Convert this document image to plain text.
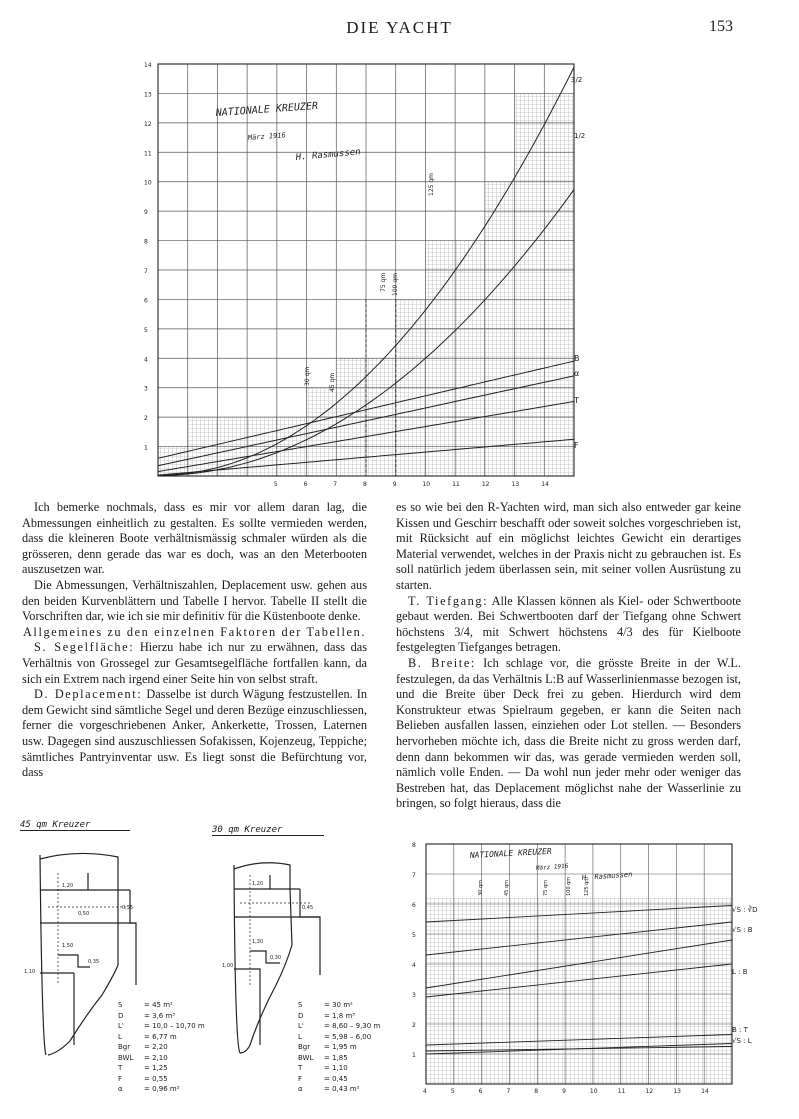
DIE YACHT	153
14
13
12
11
10
9
8
7
6
5
4
3
2
1
5	6	7	8	9	10	11	12	13	14
NATIONALE KREUZER
März 1916
H. Rasmussen
30 qm	45 qm
75 qm 100 qm
125 qm
3/2
1/2
B
α
T
F

Ich bemerke nochmals, dass es mir vor allem daran lag, die Abmessungen einheitlich zu gestalten. Es sollte vermieden werden, dass die kleineren Boote verhältnismässig schmaler würden als die grösseren, denn gerade das war es doch, was an den Meterbooten auszusetzen war.

Die Abmessungen, Verhältniszahlen, Deplacement usw. gehen aus den beiden Kurvenblättern und Tabelle I hervor. Tabelle II stellt die Vorschriften dar, wie ich sie mir definitiv für die Küstenboote denke.

Allgemeines zu den einzelnen Faktoren der Tabellen.

S. Segelfläche: Hierzu habe ich nur zu erwähnen, dass das Verhältnis von Grossegel zur Gesamtsegelfläche fortfallen kann, da sich ein Extrem nach irgend einer Seite hin von selbst straft.

D. Deplacement: Dasselbe ist durch Wägung festzustellen. In dem Gewicht sind sämtliche Segel und deren Bezüge einzuschliessen, ferner die vorgeschriebenen Anker, Ankerkette, Trossen, Laternen usw. Dagegen sind auszuschliessen Sofakissen, Kojenzeug, Teppiche; sämtliches Pantryinventar usw. Es liegt sonst die Befürchtung vor, dass

es so wie bei den R-Yachten wird, man sich also entweder gar keine Kissen und Geschirr beschafft oder soweit solches vorgeschrieben ist, mit Rücksicht auf ein möglichst leichtes Gewicht ein derartiges Material verwendet, welches in der Praxis nicht zu gebrauchen ist. Es soll natürlich jedem überlassen sein, mit seiner vollen Ausrüstung zu starten.

T. Tiefgang: Alle Klassen können als Kiel- oder Schwertboote gebaut werden. Bei Schwertbooten darf der Tiefgang ohne Schwert höchstens 3/4, mit Schwert höchstens 4/3 des für Kielboote festgelegten Tiefganges betragen.

B. Breite: Ich schlage vor, die grösste Breite in der W.L. festzulegen, da das Verhältnis L:B auf Wasserlinienmasse bezogen ist, und die Breite über Deck frei zu geben. Hierdurch wird dem Konstrukteur etwas Spielraum gegeben, er kann die Seiten nach Belieben ausfallen lassen, einziehen oder Lot stellen. — Besonders hervorheben möchte ich, dass die Breite nicht zu gross werden darf, denn dann bekommen wir das, was gerade vermieden werden soll, nämlich volle Enden. — Da wohl nun jeder mehr oder weniger das Bestreben hat, das Deplacement möglichst nahe der Wasserlinie zu bringen, so folgt hieraus, dass die

45 qm Kreuzer
1,20
0,50
0,55
1,50
0,35
1,10
S	= 45 m²
D	= 3,6 m³
L'	= 10,0 – 10,70 m
L	= 6,77 m
Bgr = 2,20
BWL = 2,10
T	= 1,25
F	= 0,55
α	= 0,96 m²
30 qm Kreuzer
1,20
0,45
1,30
0,30
1,00
S	= 30 m²
D	= 1,8 m³
L'	= 8,60 – 9,30 m
L	= 5,98 – 6,00
Bgr = 1,95 m
BWL = 1,85
T	= 1,10
F	= 0,45
α	= 0,43 m²
8
7
6
5
4
3
2
1
4	5	6	7	8	9	10	11	12	13	14
NATIONALE KREUZER
März 1916
H. Rasmussen
30 qm	45 qm	75 qm	100 qm 125 qm
√S : ∛D
√S : B
L : B
B : T
√S : L
